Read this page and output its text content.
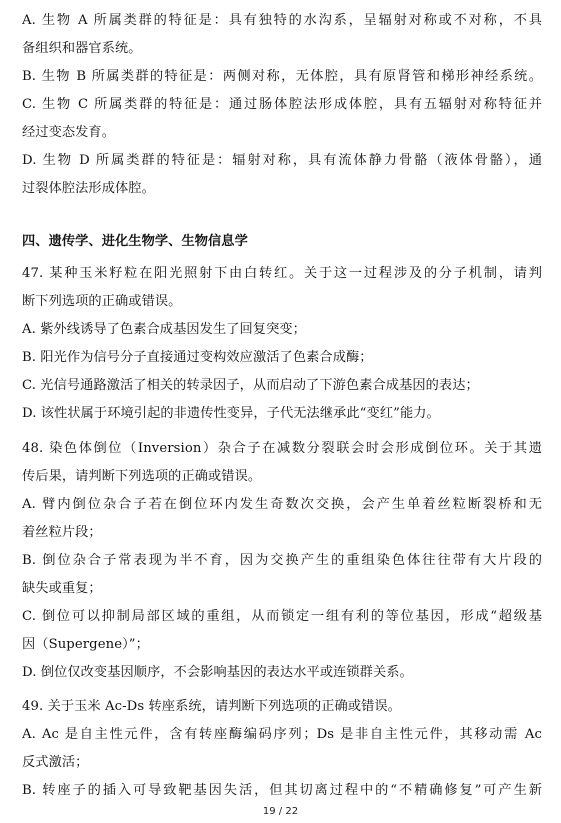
A. 生物 A 所属类群的特征是：具有独特的水沟系，呈辐射对称或不对称，不具
备组织和器官系统。
B. 生物 B 所属类群的特征是：两侧对称，无体腔，具有原肾管和梯形神经系统。
C. 生物 C 所属类群的特征是：通过肠体腔法形成体腔，具有五辐射对称特征并
经过变态发育。
D. 生物 D 所属类群的特征是：辐射对称，具有流体静力骨骼（液体骨骼），通
过裂体腔法形成体腔。
四、遗传学、进化生物学、生物信息学
47. 某种玉米籽粒在阳光照射下由白转红。关于这一过程涉及的分子机制，请判
断下列选项的正确或错误。
A. 紫外线诱导了色素合成基因发生了回复突变；
B. 阳光作为信号分子直接通过变构效应激活了色素合成酶；
C. 光信号通路激活了相关的转录因子，从而启动了下游色素合成基因的表达；
D. 该性状属于环境引起的非遗传性变异，子代无法继承此“变红”能力。
48. 染色体倒位（Inversion）杂合子在减数分裂联会时会形成倒位环。关于其遗
传后果，请判断下列选项的正确或错误。
A. 臂内倒位杂合子若在倒位环内发生奇数次交换，会产生单着丝粒断裂桥和无
着丝粒片段；
B. 倒位杂合子常表现为半不育，因为交换产生的重组染色体往往带有大片段的
缺失或重复；
C. 倒位可以抑制局部区域的重组，从而锁定一组有利的等位基因，形成“超级基
因（Supergene）”；
D. 倒位仅改变基因顺序，不会影响基因的表达水平或连锁群关系。
49. 关于玉米 Ac-Ds 转座系统，请判断下列选项的正确或错误。
A. Ac 是自主性元件，含有转座酶编码序列；Ds 是非自主性元件，其移动需 Ac
反式激活；
B. 转座子的插入可导致靶基因失活，但其切离过程中的“不精确修复”可产生新
19 / 22
